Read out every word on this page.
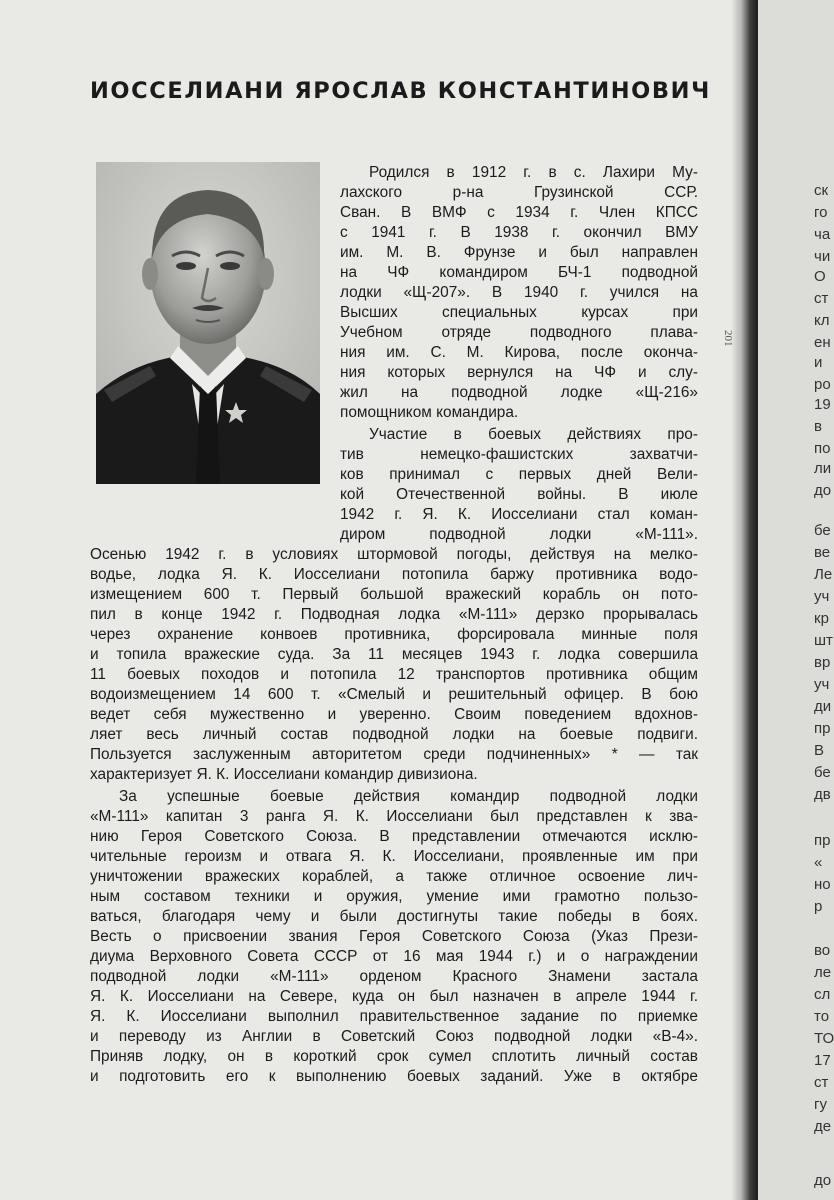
ИОССЕЛИАНИ ЯРОСЛАВ КОНСТАНТИНОВИЧ
Родился в 1912 г. в с. Лахири Му-
лахского р-на Грузинской ССР.
Сван. В ВМФ с 1934 г. Член КПСС
с 1941 г. В 1938 г. окончил ВМУ
им. М. В. Фрунзе и был направлен
на ЧФ командиром БЧ-1 подводной
лодки «Щ-207». В 1940 г. учился на
Высших специальных курсах при
Учебном отряде подводного плава-
ния им. С. М. Кирова, после оконча-
ния которых вернулся на ЧФ и слу-
жил на подводной лодке «Щ-216»
помощником командира.
Участие в боевых действиях про-
тив немецко-фашистских захватчи-
ков принимал с первых дней Вели-
кой Отечественной войны. В июле
1942 г. Я. К. Иосселиани стал коман-
диром подводной лодки «М-111».
Осенью 1942 г. в условиях штормовой погоды, действуя на мелко-
водье, лодка Я. К. Иосселиани потопила баржу противника водо-
измещением 600 т. Первый большой вражеский корабль он пото-
пил в конце 1942 г. Подводная лодка «М-111» дерзко прорывалась
через охранение конвоев противника, форсировала минные поля
и топила вражеские суда. За 11 месяцев 1943 г. лодка совершила
11 боевых походов и потопила 12 транспортов противника общим
водоизмещением 14 600 т. «Смелый и решительный офицер. В бою
ведет себя мужественно и уверенно. Своим поведением вдохнов-
ляет весь личный состав подводной лодки на боевые подвиги.
Пользуется заслуженным авторитетом среди подчиненных» * — так
характеризует Я. К. Иосселиани командир дивизиона.
За успешные боевые действия командир подводной лодки
«М-111» капитан 3 ранга Я. К. Иосселиани был представлен к зва-
нию Героя Советского Союза. В представлении отмечаются исклю-
чительные героизм и отвага Я. К. Иосселиани, проявленные им при
уничтожении вражеских кораблей, а также отличное освоение лич-
ным составом техники и оружия, умение ими грамотно пользо-
ваться, благодаря чему и были достигнуты такие победы в боях.
Весть о присвоении звания Героя Советского Союза (Указ Прези-
диума Верховного Совета СССР от 16 мая 1944 г.) и о награждении
подводной лодки «М-111» орденом Красного Знамени застала
Я. К. Иосселиани на Севере, куда он был назначен в апреле 1944 г.
Я. К. Иосселиани выполнил правительственное задание по приемке
и переводу из Англии в Советский Союз подводной лодки «В-4».
Приняв лодку, он в короткий срок сумел сплотить личный состав
и подготовить его к выполнению боевых заданий. Уже в октябре
201
ск
го
ча
чи
О
ст
кл
ен
и
ро
19
в
по
ли
до
бе
ве
Ле
уч
кр
шт
вр
уч
ди
пр
В
бе
дв
пр
«
но
р
во
ле
сл
то
ТО
17
ст
гу
де
до
